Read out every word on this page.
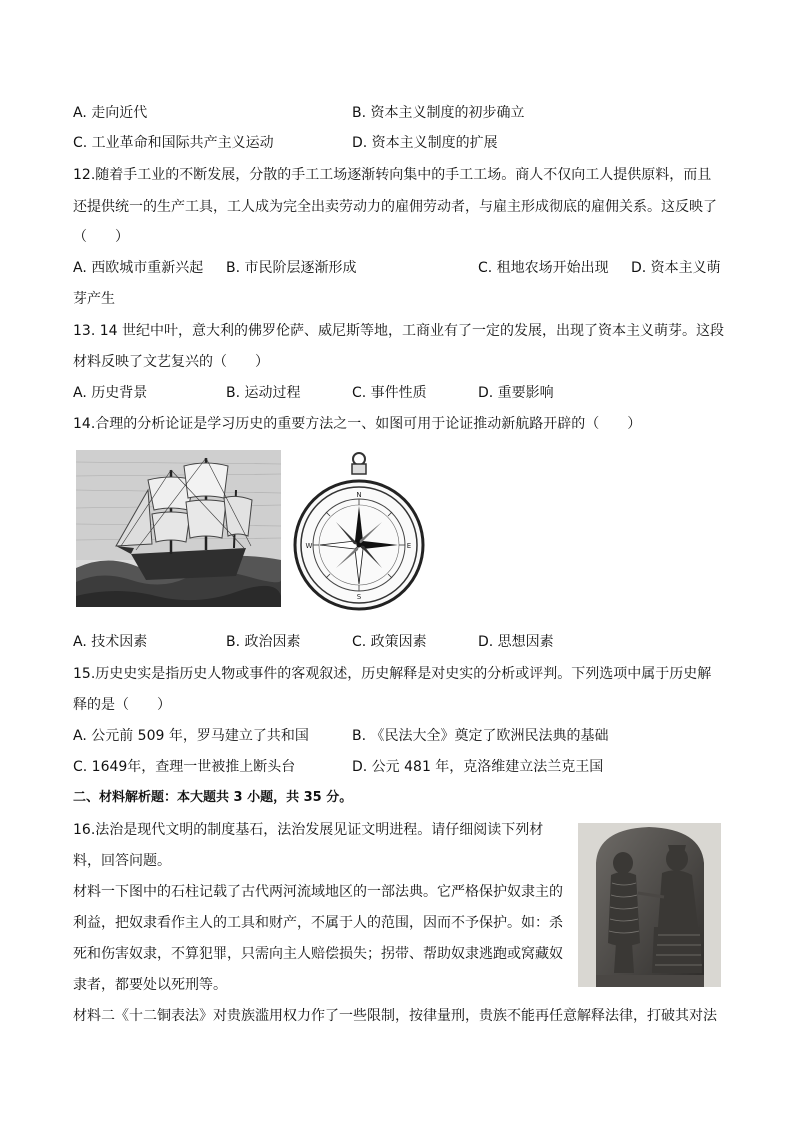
A. 走向近代	B. 资本主义制度的初步确立
C. 工业革命和国际共产主义运动	D. 资本主义制度的扩展
12.随着手工业的不断发展，分散的手工工场逐渐转向集中的手工工场。商人不仅向工人提供原料，而且
还提供统一的生产工具，工人成为完全出卖劳动力的雇佣劳动者，与雇主形成彻底的雇佣关系。这反映了
（　　）
A. 西欧城市重新兴起 B. 市民阶层逐渐形成	C. 租地农场开始出现 D. 资本主义萌
芽产生
13. 14 世纪中叶，意大利的佛罗伦萨、威尼斯等地，工商业有了一定的发展，出现了资本主义萌芽。这段
材料反映了文艺复兴的（　　）
A. 历史背景	B. 运动过程	C. 事件性质	D. 重要影响
14.合理的分析论证是学习历史的重要方法之一、如图可用于论证推动新航路开辟的（　　）
N
S
E
W
A. 技术因素	B. 政治因素	C. 政策因素	D. 思想因素
15.历史史实是指历史人物或事件的客观叙述，历史解释是对史实的分析或评判。下列选项中属于历史解
释的是（　　）
A. 公元前 509 年，罗马建立了共和国	B. 《民法大全》奠定了欧洲民法典的基础
C. 1649年，查理一世被推上断头台	D. 公元 481 年，克洛维建立法兰克王国
二、材料解析题：本大题共 3 小题，共 35 分。
16.法治是现代文明的制度基石，法治发展见证文明进程。请仔细阅读下列材
料，回答问题。
材料一下图中的石柱记载了古代两河流域地区的一部法典。它严格保护奴隶主的
利益，把奴隶看作主人的工具和财产，不属于人的范围，因而不予保护。如：杀
死和伤害奴隶，不算犯罪，只需向主人赔偿损失；拐带、帮助奴隶逃跑或窝藏奴
隶者，都要处以死刑等。
材料二《十二铜表法》对贵族滥用权力作了一些限制，按律量刑，贵族不能再任意解释法律，打破其对法
